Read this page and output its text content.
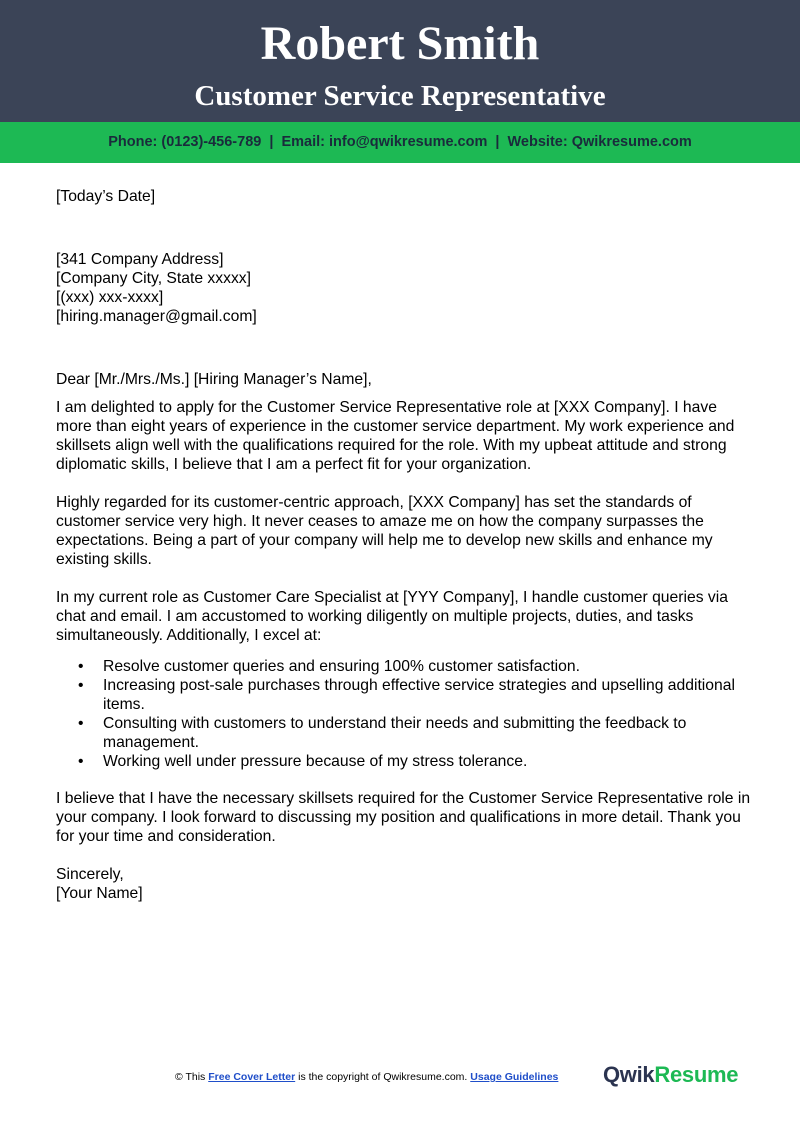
Robert Smith
Customer Service Representative
Phone: (0123)-456-789 | Email: info@qwikresume.com | Website: Qwikresume.com

[Today’s Date]

[341 Company Address]

[Company City, State xxxxx]

[(xxx) xxx-xxxx]

[hiring.manager@gmail.com]

Dear [Mr./Mrs./Ms.] [Hiring Manager’s Name],

I am delighted to apply for the Customer Service Representative role at [XXX Company]. I have more than eight years of experience in the customer service department. My work experience and skillsets align well with the qualifications required for the role. With my upbeat attitude and strong diplomatic skills, I believe that I am a perfect fit for your organization.

Highly regarded for its customer-centric approach, [XXX Company] has set the standards of customer service very high. It never ceases to amaze me on how the company surpasses the expectations. Being a part of your company will help me to develop new skills and enhance my existing skills.

In my current role as Customer Care Specialist at [YYY Company], I handle customer queries via chat and email. I am accustomed to working diligently on multiple projects, duties, and tasks simultaneously. Additionally, I excel at:

• Resolve customer queries and ensuring 100% customer satisfaction.
• Increasing post-sale purchases through effective service strategies and upselling additional items.
• Consulting with customers to understand their needs and submitting the feedback to management.
• Working well under pressure because of my stress tolerance.

I believe that I have the necessary skillsets required for the Customer Service Representative role in your company. I look forward to discussing my position and qualifications in more detail. Thank you for your time and consideration.

Sincerely,

[Your Name]

© This Free Cover Letter is the copyright of Qwikresume.com. Usage Guidelines QwikResume
